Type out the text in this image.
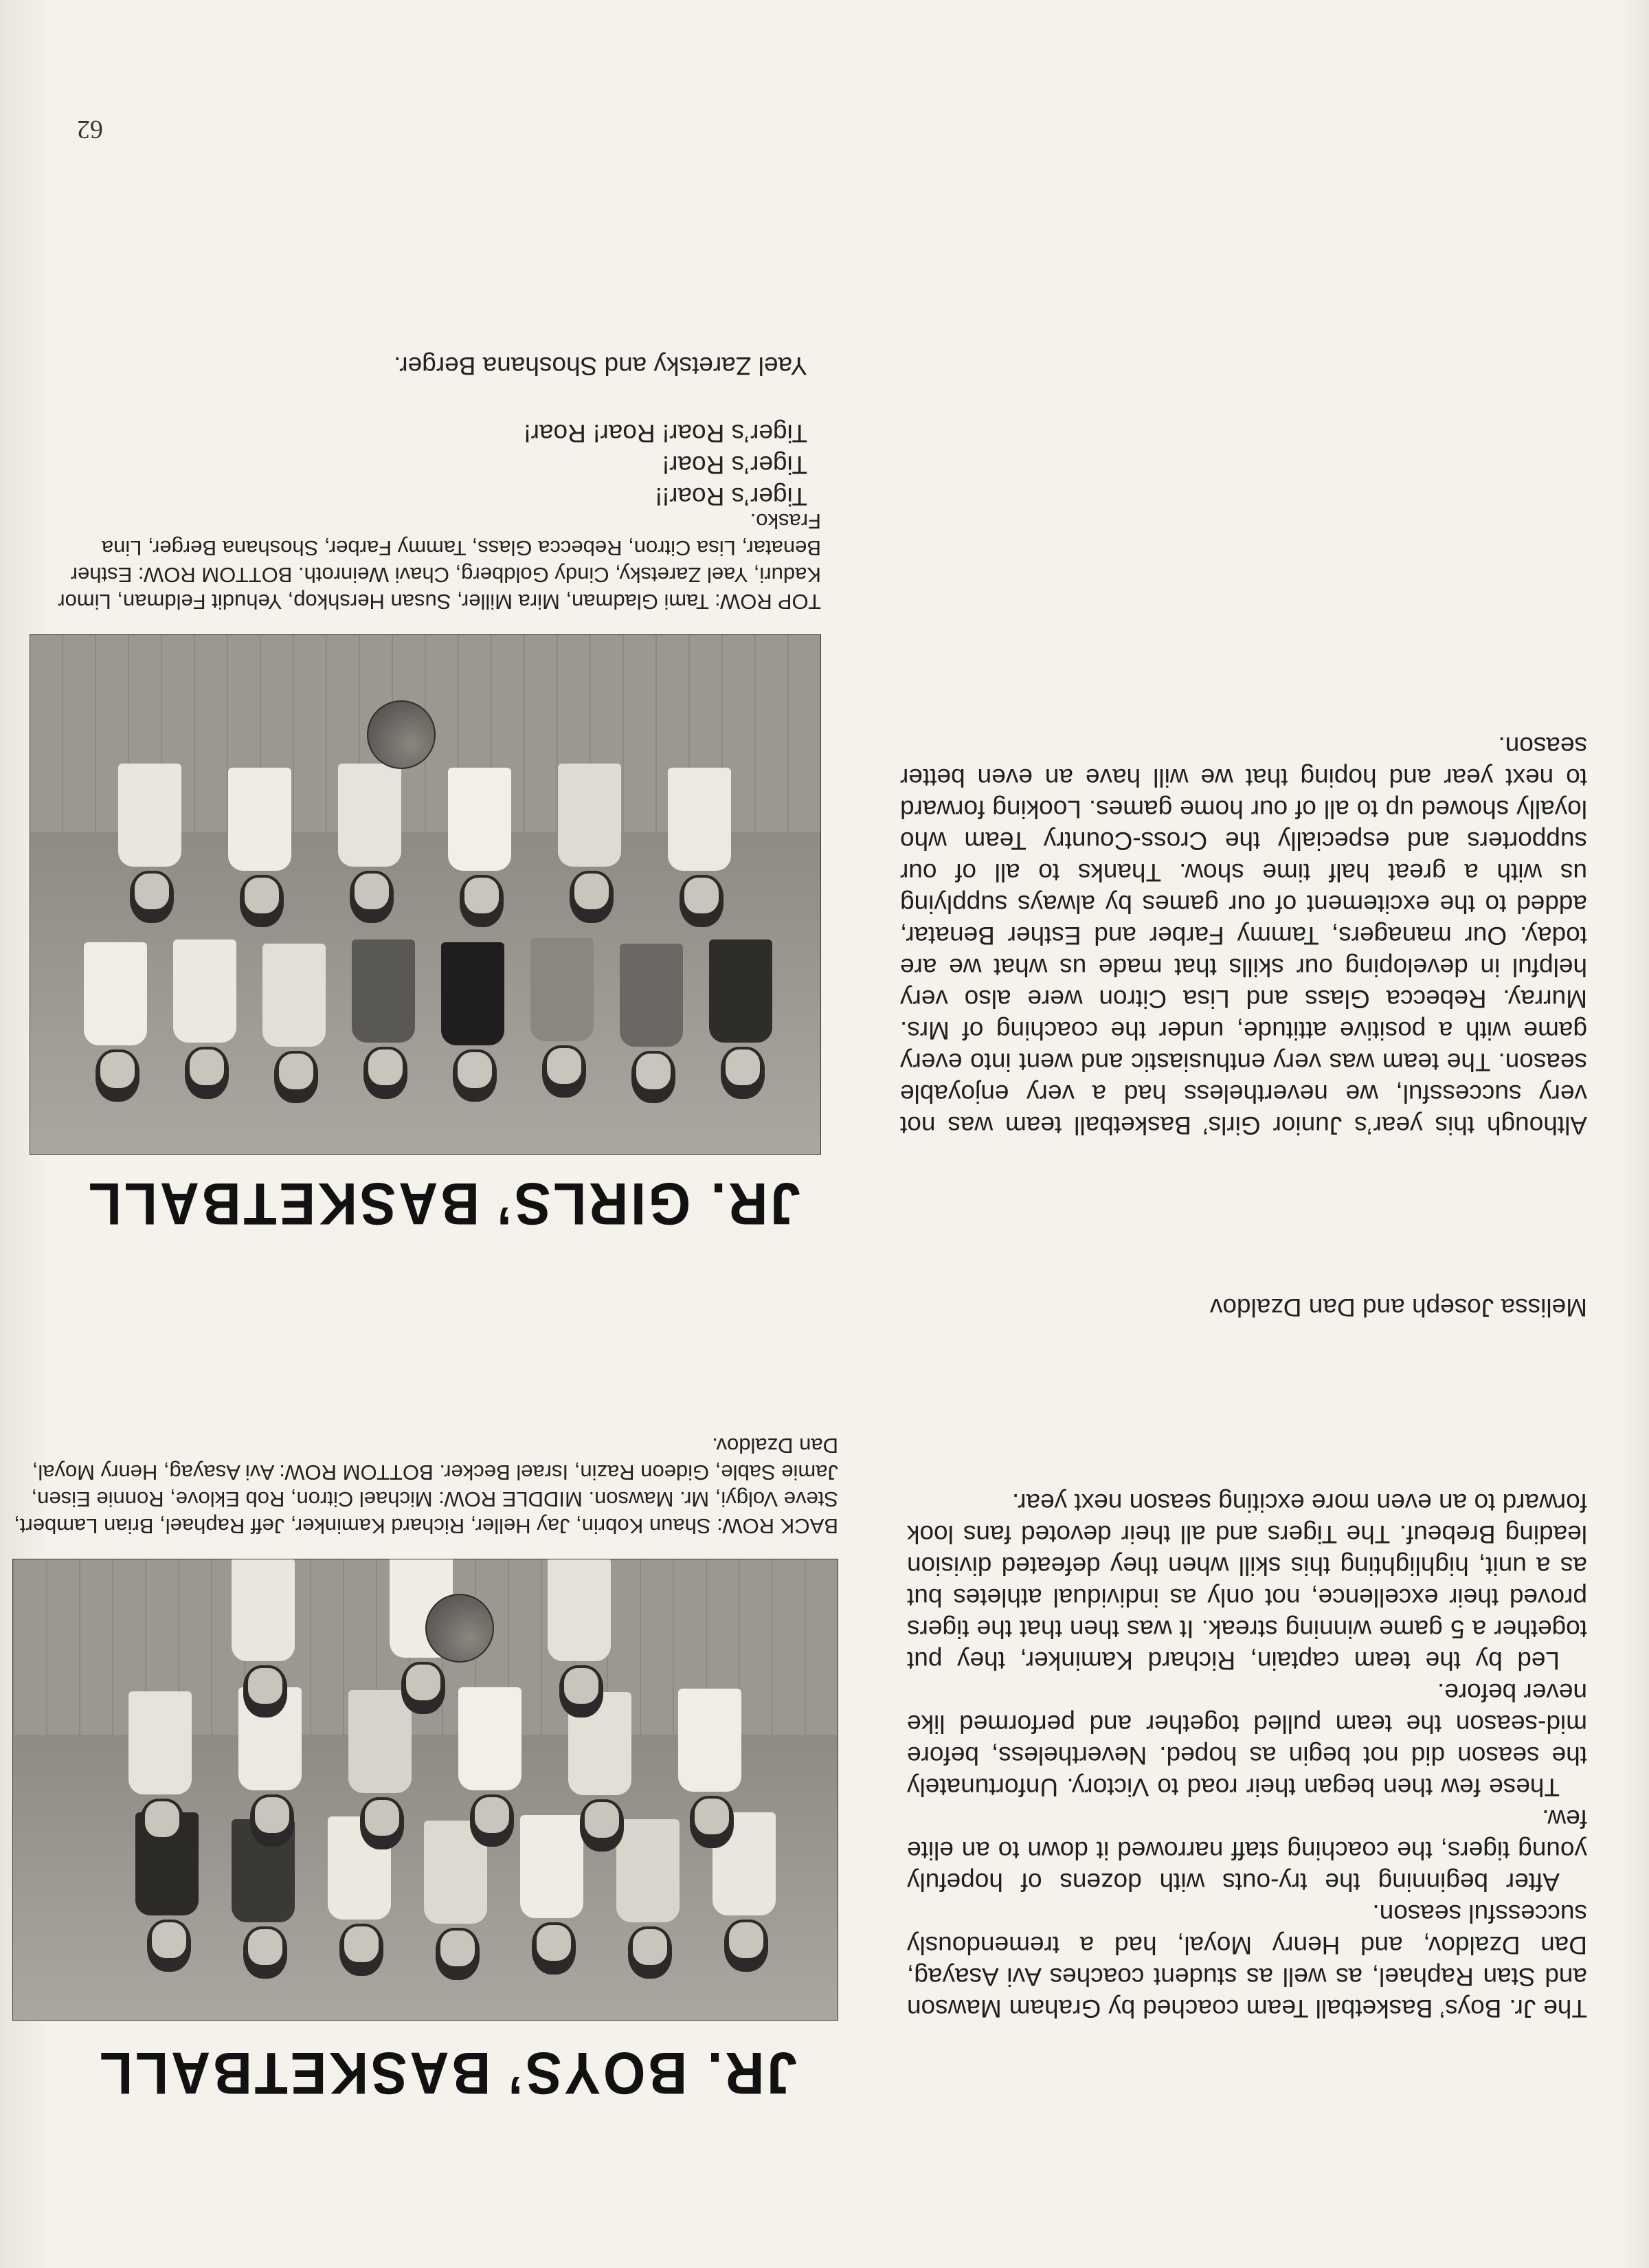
JR. BOYS’ BASKETBALL
BACK ROW: Shaun Kobrin, Jay Heller, Richard Kaminker, Jeff Raphael, Brian Lambert, Steve Volgyi, Mr. Mawson. MIDDLE ROW: Michael Citron, Rob Eklove, Ronnie Eisen, Jamie Sable, Gideon Razin, Israel Becker. BOTTOM ROW: Avi Asayag, Henry Moyal, Dan Dzaldov.

The Jr. Boys’ Basketball Team coached by Graham Mawson and Stan Raphael, as well as student coaches Avi Asayag, Dan Dzaldov, and Henry Moyal, had a tremendously successful season.

After beginning the try-outs with dozens of hopefuly young tigers, the coaching staff narrowed it down to an elite few.

These few then began their road to Victory. Unfortunately the season did not begin as hoped. Nevertheless, before mid-season the team pulled together and performed like never before.

Led by the team captain, Richard Kaminker, they put together a 5 game winning streak. It was then that the tigers proved their excellence, not only as individual athletes but as a unit, highlighting this skill when they defeated division leading Brebeuf. The Tigers and all their devoted fans look forward to an even more exciting season next year.

Melissa Joseph and Dan Dzaldov
JR. GIRLS’ BASKETBALL
TOP ROW: Tami Gladman, Mira Miller, Susan Hershkop, Yehudit Feldman, Limor Kaduri, Yael Zaretsky, Cindy Goldberg, Chavi Weinroth. BOTTOM ROW: Esther Benatar, Lisa Citron, Rebecca Glass, Tammy Farber, Shoshana Berger, Lina Frasko.

Although this year’s Junior Girls’ Basketball team was not very successful, we nevertheless had a very enjoyable season. The team was very enthusiastic and went into every game with a positive attitude, under the coaching of Mrs. Murray. Rebecca Glass and Lisa Citron were also very helpful in developing our skills that made us what we are today. Our managers, Tammy Farber and Esther Benatar, added to the excitement of our games by always supplying us with a great half time show. Thanks to all of our supporters and especially the Cross-Country Team who loyally showed up to all of our home games. Looking forward to next year and hoping that we will have an even better season.

Tiger’s Roar!!
Tiger’s Roar!
Tiger’s Roar! Roar! Roar!
Yael Zaretsky and Shoshana Berger.
62
